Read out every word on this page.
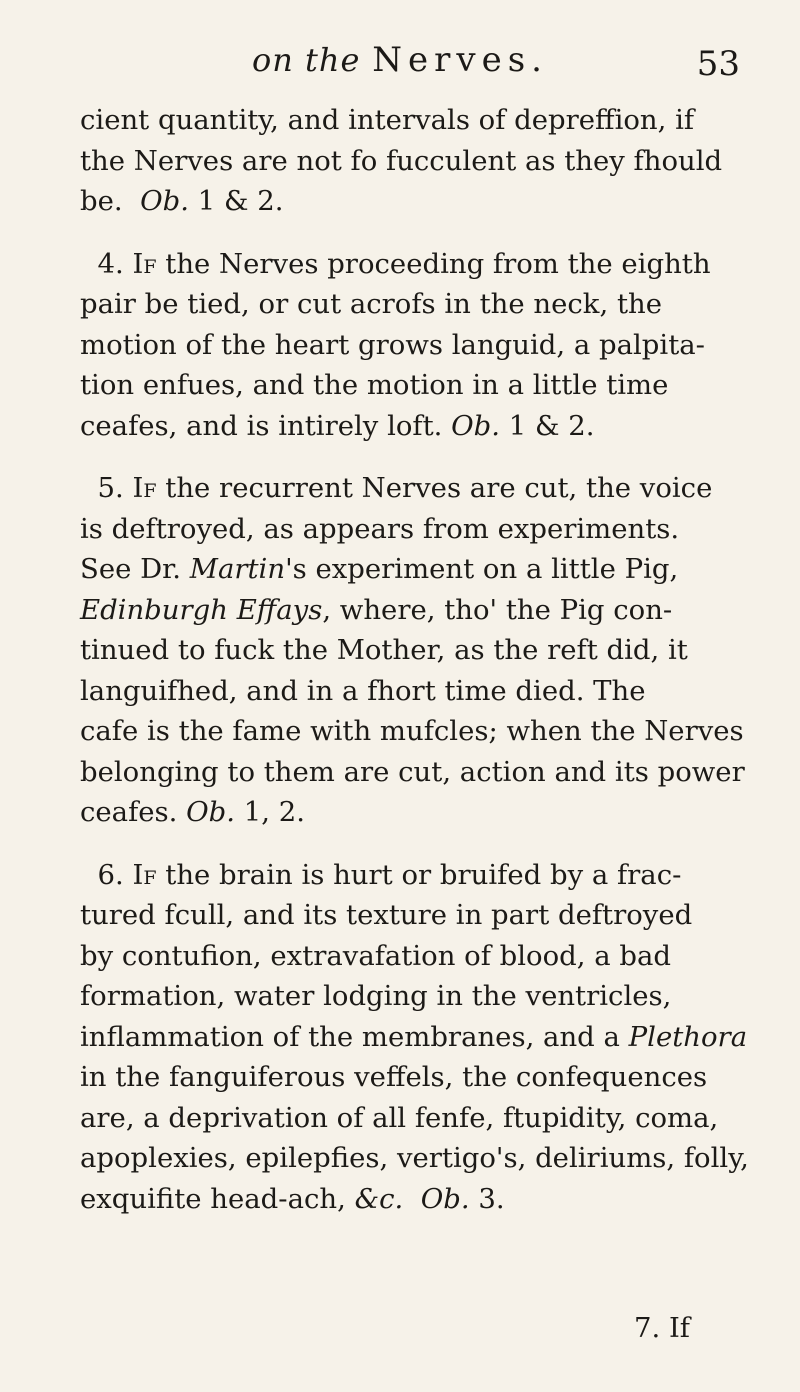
on the Nerves.	53
cient quantity, and intervals of depreffion, if
the Nerves are not fo fucculent as they fhould
be. Ob. 1 & 2.
4. If the Nerves proceeding from the eighth
pair be tied, or cut acrofs in the neck, the
motion of the heart grows languid, a palpita-
tion enfues, and the motion in a little time
ceafes, and is intirely loft. Ob. 1 & 2.
5. If the recurrent Nerves are cut, the voice
is deftroyed, as appears from experiments.
See Dr. Martin's experiment on a little Pig,
Edinburgh Effays, where, tho' the Pig con-
tinued to fuck the Mother, as the reft did, it
languifhed, and in a fhort time died. The
cafe is the fame with mufcles; when the Nerves
belonging to them are cut, action and its power
ceafes. Ob. 1, 2.
6. If the brain is hurt or bruifed by a frac-
tured fcull, and its texture in part deftroyed
by contufion, extravafation of blood, a bad
formation, water lodging in the ventricles,
inflammation of the membranes, and a Plethora
in the fanguiferous veffels, the confequences
are, a deprivation of all fenfe, ftupidity, coma,
apoplexies, epilepfies, vertigo's, deliriums, folly,
exquifite head-ach, &c. Ob. 3.
7. If
